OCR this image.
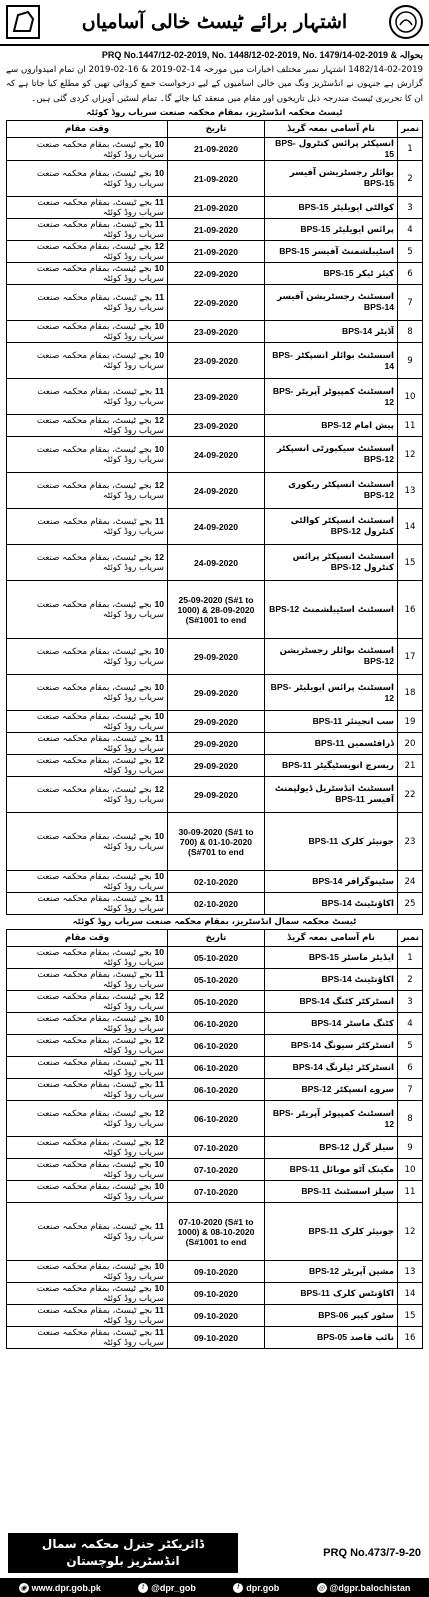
اشتہار برائے ٹیسٹ خالی آسامیاں
PRQ No.1447/12-02-2019, No. 1448/12-02-2019, No. 1479/14-02-2019 & بحوالہ
1482/14-02-2019 اشتہار نمبر مختلف اخبارات میں مورخہ 14-02-2019 & 16-02-2019 ان تمام امیدواروں سے گزارش ہے جنہوں نے انڈسٹریز ونگ میں خالی اسامیوں کے لیے درخواست جمع کروائی تھیں کو مطلع کیا جاتا ہے کہ ان کا تحریری ٹیسٹ مندرجہ ذیل تاریخوں اور مقام میں منعقد کیا جائے گا۔ تمام لسٹیں آویزاں کردی گئی ہیں۔
ٹیسٹ محکمہ انڈسٹریز، بمقام محکمہ صنعت سریاب روڈ کوئٹہ
نمبر	نام آسامی بمعہ گریڈ	تاریخ	وقت مقام
1	انسپکٹر پرائس کنٹرول BPS-15	21-09-2020	10 بجے ٹیسٹ، بمقام محکمہ صنعت سریاب روڈ کوئٹہ
2	بوائلر رجسٹریشن آفیسر BPS-15	21-09-2020	10 بجے ٹیسٹ، بمقام محکمہ صنعت سریاب روڈ کوئٹہ
3	کوالٹی ایویلیٹر BPS-15	21-09-2020	11 بجے ٹیسٹ، بمقام محکمہ صنعت سریاب روڈ کوئٹہ
4	پرائس ایویلیٹر BPS-15	21-09-2020	11 بجے ٹیسٹ، بمقام محکمہ صنعت سریاب روڈ کوئٹہ
5	اسٹیبلشمنٹ آفیسر BPS-15	21-09-2020	12 بجے ٹیسٹ، بمقام محکمہ صنعت سریاب روڈ کوئٹہ
6	کیئر ٹیکر BPS-15	22-09-2020	10 بجے ٹیسٹ، بمقام محکمہ صنعت سریاب روڈ کوئٹہ
7	اسسٹنٹ رجسٹریشن آفیسر BPS-14	22-09-2020	11 بجے ٹیسٹ، بمقام محکمہ صنعت سریاب روڈ کوئٹہ
8	آڈیٹر BPS-14	23-09-2020	10 بجے ٹیسٹ، بمقام محکمہ صنعت سریاب روڈ کوئٹہ
9	اسسٹنٹ بوائلر انسپکٹر BPS-14	23-09-2020	10 بجے ٹیسٹ، بمقام محکمہ صنعت سریاب روڈ کوئٹہ
10	اسسٹنٹ کمپیوٹر آپریٹر BPS-12	23-09-2020	11 بجے ٹیسٹ، بمقام محکمہ صنعت سریاب روڈ کوئٹہ
11	پیش امام BPS-12	23-09-2020	12 بجے ٹیسٹ، بمقام محکمہ صنعت سریاب روڈ کوئٹہ
12	اسسٹنٹ سیکیورٹی انسپکٹر BPS-12	24-09-2020	10 بجے ٹیسٹ، بمقام محکمہ صنعت سریاب روڈ کوئٹہ
13	اسسٹنٹ انسپکٹر ریکوری BPS-12	24-09-2020	12 بجے ٹیسٹ، بمقام محکمہ صنعت سریاب روڈ کوئٹہ
14	اسسٹنٹ انسپکٹر کوالٹی کنٹرول BPS-12	24-09-2020	11 بجے ٹیسٹ، بمقام محکمہ صنعت سریاب روڈ کوئٹہ
15	اسسٹنٹ انسپکٹر پرائس کنٹرول BPS-12	24-09-2020	12 بجے ٹیسٹ، بمقام محکمہ صنعت سریاب روڈ کوئٹہ
16	اسسٹنٹ اسٹیبلشمنٹ BPS-12	25-09-2020 (S#1 to 1000) & 28-09-2020 (S#1001 to end	10 بجے ٹیسٹ، بمقام محکمہ صنعت سریاب روڈ کوئٹہ
17	اسسٹنٹ بوائلر رجسٹریشن BPS-12	29-09-2020	10 بجے ٹیسٹ، بمقام محکمہ صنعت سریاب روڈ کوئٹہ
18	اسسٹنٹ پرائس ایویلیٹر BPS-12	29-09-2020	10 بجے ٹیسٹ، بمقام محکمہ صنعت سریاب روڈ کوئٹہ
19	سب انجینئر BPS-11	29-09-2020	10 بجے ٹیسٹ، بمقام محکمہ صنعت سریاب روڈ کوئٹہ
20	ڈرافٹسمین BPS-11	29-09-2020	11 بجے ٹیسٹ، بمقام محکمہ صنعت سریاب روڈ کوئٹہ
21	ریسرچ انویسٹیگیٹر BPS-11	29-09-2020	12 بجے ٹیسٹ، بمقام محکمہ صنعت سریاب روڈ کوئٹہ
22	اسسٹنٹ انڈسٹریل ڈیولپمنٹ آفیسر BPS-11	29-09-2020	12 بجے ٹیسٹ، بمقام محکمہ صنعت سریاب روڈ کوئٹہ
23	جونیئر کلرک BPS-11	30-09-2020 (S#1 to 700) & 01-10-2020 (S#701 to end	10 بجے ٹیسٹ، بمقام محکمہ صنعت سریاب روڈ کوئٹہ
24	سٹینوگرافر BPS-14	02-10-2020	10 بجے ٹیسٹ، بمقام محکمہ صنعت سریاب روڈ کوئٹہ
25	اکاؤنٹینٹ BPS-14	02-10-2020	11 بجے ٹیسٹ، بمقام محکمہ صنعت سریاب روڈ کوئٹہ
ٹیسٹ محکمہ سمال انڈسٹریز، بمقام محکمہ صنعت سریاب روڈ کوئٹہ
نمبر	نام آسامی بمعہ گریڈ	تاریخ	وقت مقام
1	ایڈیٹر ماسٹر BPS-15	05-10-2020	10 بجے ٹیسٹ، بمقام محکمہ صنعت سریاب روڈ کوئٹہ
2	اکاؤنٹینٹ BPS-14	05-10-2020	11 بجے ٹیسٹ، بمقام محکمہ صنعت سریاب روڈ کوئٹہ
3	انسٹرکٹر کٹنگ BPS-14	05-10-2020	12 بجے ٹیسٹ، بمقام محکمہ صنعت سریاب روڈ کوئٹہ
4	کٹنگ ماسٹر BPS-14	06-10-2020	10 بجے ٹیسٹ، بمقام محکمہ صنعت سریاب روڈ کوئٹہ
5	انسٹرکٹر سیونگ BPS-14	06-10-2020	12 بجے ٹیسٹ، بمقام محکمہ صنعت سریاب روڈ کوئٹہ
6	انسٹرکٹر ٹیلرنگ BPS-14	06-10-2020	11 بجے ٹیسٹ، بمقام محکمہ صنعت سریاب روڈ کوئٹہ
7	سروے انسپکٹر BPS-12	06-10-2020	11 بجے ٹیسٹ، بمقام محکمہ صنعت سریاب روڈ کوئٹہ
8	اسسٹنٹ کمپیوٹر آپریٹر BPS-12	06-10-2020	12 بجے ٹیسٹ، بمقام محکمہ صنعت سریاب روڈ کوئٹہ
9	سیلز گرل BPS-12	07-10-2020	12 بجے ٹیسٹ، بمقام محکمہ صنعت سریاب روڈ کوئٹہ
10	مکینک آٹو موبائل BPS-11	07-10-2020	10 بجے ٹیسٹ، بمقام محکمہ صنعت سریاب روڈ کوئٹہ
11	سیلز اسسٹنٹ BPS-11	07-10-2020	10 بجے ٹیسٹ، بمقام محکمہ صنعت سریاب روڈ کوئٹہ
12	جونیئر کلرک BPS-11	07-10-2020 (S#1 to 1000) & 08-10-2020 (S#1001 to end	11 بجے ٹیسٹ، بمقام محکمہ صنعت سریاب روڈ کوئٹہ
13	مشین آپریٹر BPS-12	09-10-2020	10 بجے ٹیسٹ، بمقام محکمہ صنعت سریاب روڈ کوئٹہ
14	اکاؤنٹس کلرک BPS-11	09-10-2020	10 بجے ٹیسٹ، بمقام محکمہ صنعت سریاب روڈ کوئٹہ
15	سٹور کیپر BPS-06	09-10-2020	11 بجے ٹیسٹ، بمقام محکمہ صنعت سریاب روڈ کوئٹہ
16	نائب قاصد BPS-05	09-10-2020	11 بجے ٹیسٹ، بمقام محکمہ صنعت سریاب روڈ کوئٹہ
ڈائریکٹر جنرل محکمہ سمال انڈسٹریز بلوچستان
PRQ No.473/7-9-20
◉ www.dpr.gob.pk	t @dpr_gob	f dpr.gob	◎ @dgpr.balochistan
